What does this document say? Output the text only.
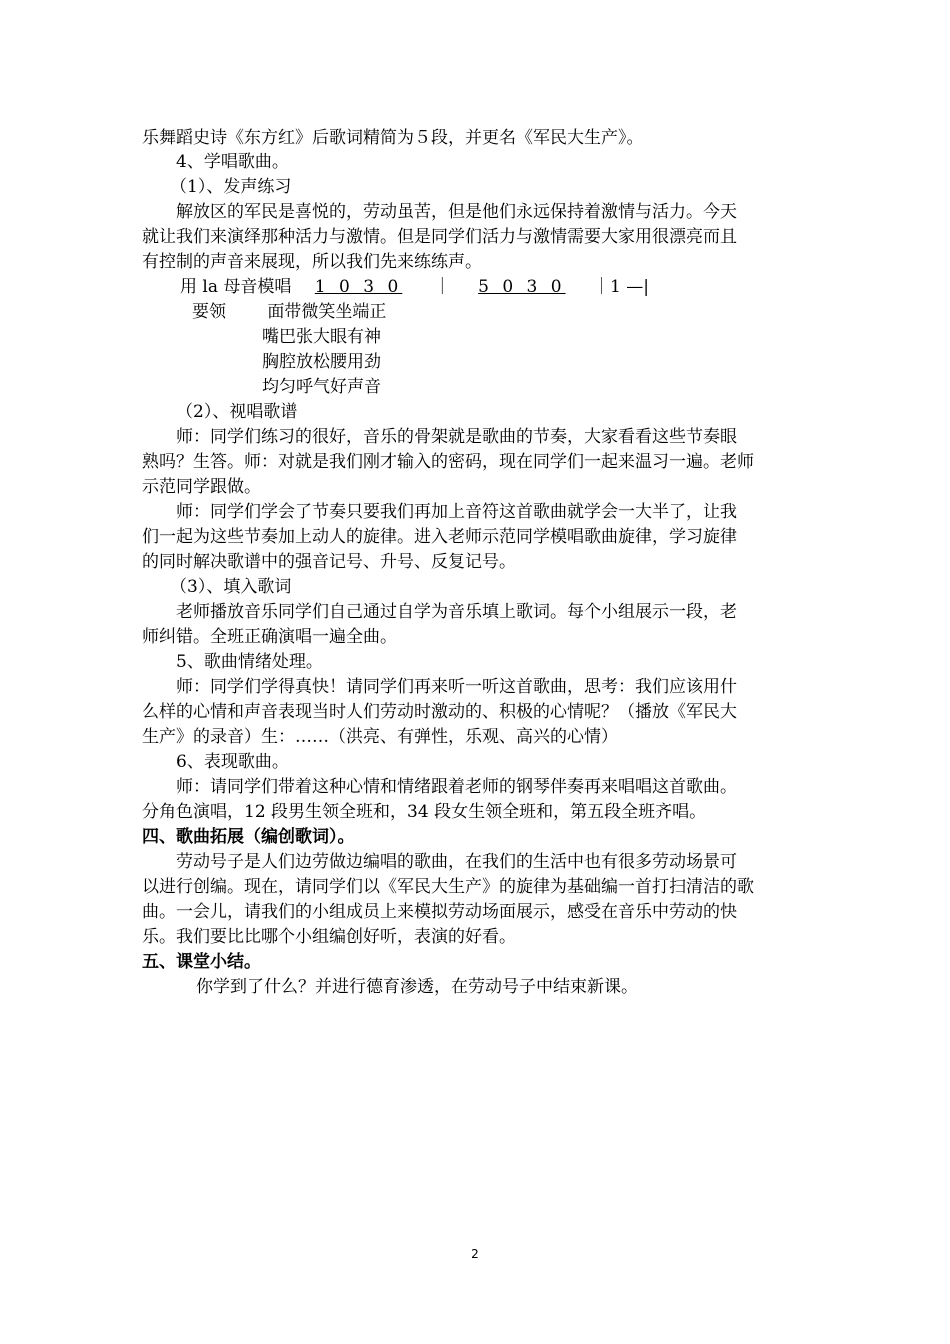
乐舞蹈史诗《东方红》后歌词精简为５段，并更名《军民大生产》。

4、学唱歌曲。

（1）、发声练习

解放区的军民是喜悦的，劳动虽苦，但是他们永远保持着激情与活力。今天

就让我们来演绎那种活力与激情。但是同学们活力与激情需要大家用很漂亮而且

有控制的声音来展现，所以我们先来练练声。

用 la 母音模唱 1 0 3 0 ｜ 5 0 3 0 ｜1 —|

要领 面带微笑坐端正

嘴巴张大眼有神

胸腔放松腰用劲

均匀呼气好声音

（2）、视唱歌谱

师：同学们练习的很好，音乐的骨架就是歌曲的节奏，大家看看这些节奏眼

熟吗？生答。师：对就是我们刚才输入的密码，现在同学们一起来温习一遍。老师

示范同学跟做。

师：同学们学会了节奏只要我们再加上音符这首歌曲就学会一大半了，让我

们一起为这些节奏加上动人的旋律。进入老师示范同学模唱歌曲旋律，学习旋律

的同时解决歌谱中的强音记号、升号、反复记号。

（3）、填入歌词

老师播放音乐同学们自己通过自学为音乐填上歌词。每个小组展示一段，老

师纠错。全班正确演唱一遍全曲。

5、歌曲情绪处理。

师：同学们学得真快！请同学们再来听一听这首歌曲，思考：我们应该用什

么样的心情和声音表现当时人们劳动时激动的、积极的心情呢？（播放《军民大

生产》的录音）生：……（洪亮、有弹性，乐观、高兴的心情）

6、表现歌曲。

师：请同学们带着这种心情和情绪跟着老师的钢琴伴奏再来唱唱这首歌曲。

分角色演唱，12 段男生领全班和，34 段女生领全班和，第五段全班齐唱。

四、歌曲拓展（编创歌词）。

劳动号子是人们边劳做边编唱的歌曲，在我们的生活中也有很多劳动场景可

以进行创编。现在，请同学们以《军民大生产》的旋律为基础编一首打扫清洁的歌

曲。一会儿，请我们的小组成员上来模拟劳动场面展示，感受在音乐中劳动的快

乐。我们要比比哪个小组编创好听，表演的好看。

五、课堂小结。

你学到了什么？并进行德育渗透，在劳动号子中结束新课。

2
